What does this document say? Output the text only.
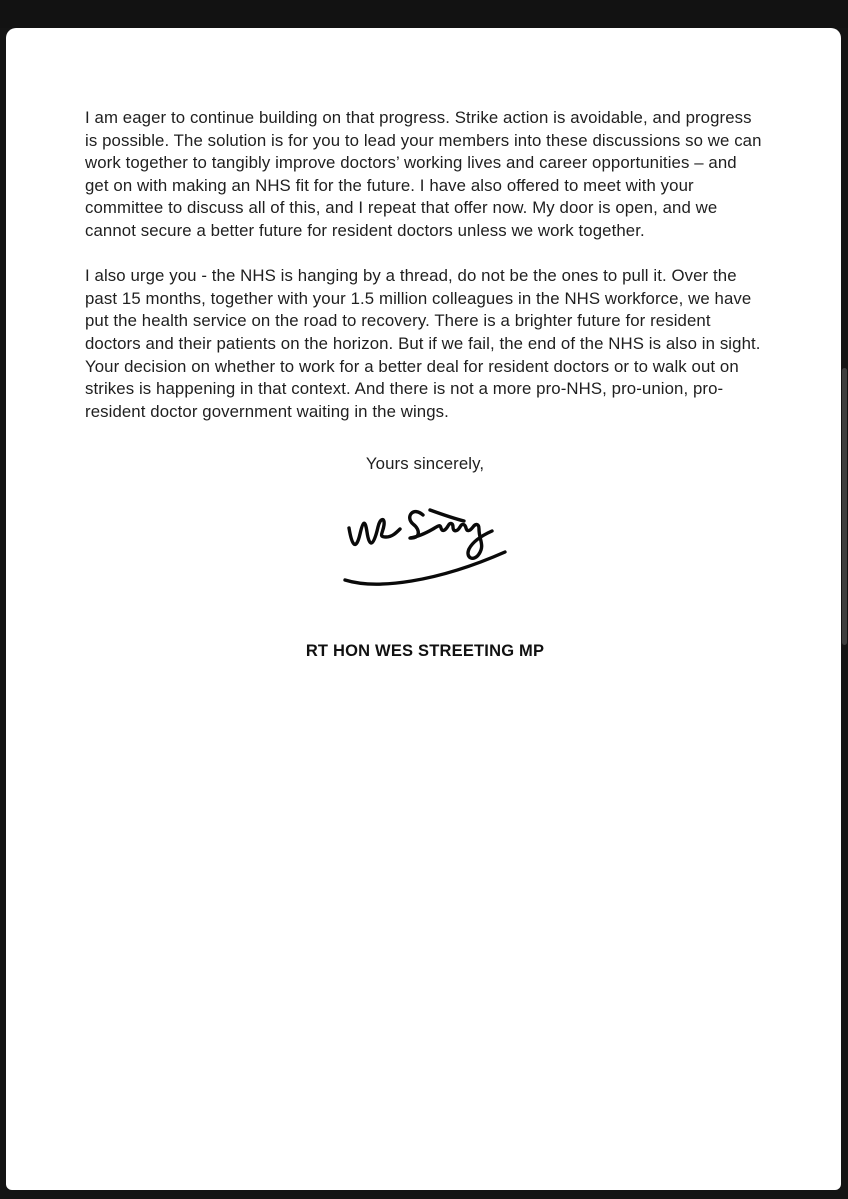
I am eager to continue building on that progress. Strike action is avoidable, and progress is possible. The solution is for you to lead your members into these discussions so we can work together to tangibly improve doctors’ working lives and career opportunities – and get on with making an NHS fit for the future. I have also offered to meet with your committee to discuss all of this, and I repeat that offer now. My door is open, and we cannot secure a better future for resident doctors unless we work together.

I also urge you - the NHS is hanging by a thread, do not be the ones to pull it. Over the past 15 months, together with your 1.5 million colleagues in the NHS workforce, we have put the health service on the road to recovery. There is a brighter future for resident doctors and their patients on the horizon. But if we fail, the end of the NHS is also in sight. Your decision on whether to work for a better deal for resident doctors or to walk out on strikes is happening in that context. And there is not a more pro-NHS, pro-union, pro-resident doctor government waiting in the wings.

Yours sincerely,

RT HON WES STREETING MP
